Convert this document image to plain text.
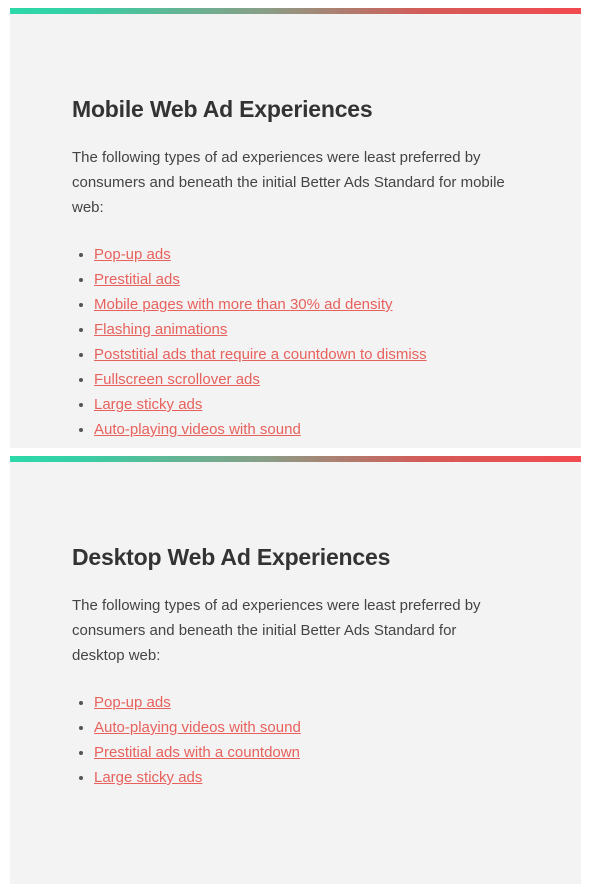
Mobile Web Ad Experiences

The following types of ad experiences were least preferred by consumers and beneath the initial Better Ads Standard for mobile web:

• Pop-up ads
• Prestitial ads
• Mobile pages with more than 30% ad density
• Flashing animations
• Poststitial ads that require a countdown to dismiss
• Fullscreen scrollover ads
• Large sticky ads
• Auto-playing videos with sound
Desktop Web Ad Experiences

The following types of ad experiences were least preferred by consumers and beneath the initial Better Ads Standard for desktop web:

• Pop-up ads
• Auto-playing videos with sound
• Prestitial ads with a countdown
• Large sticky ads
